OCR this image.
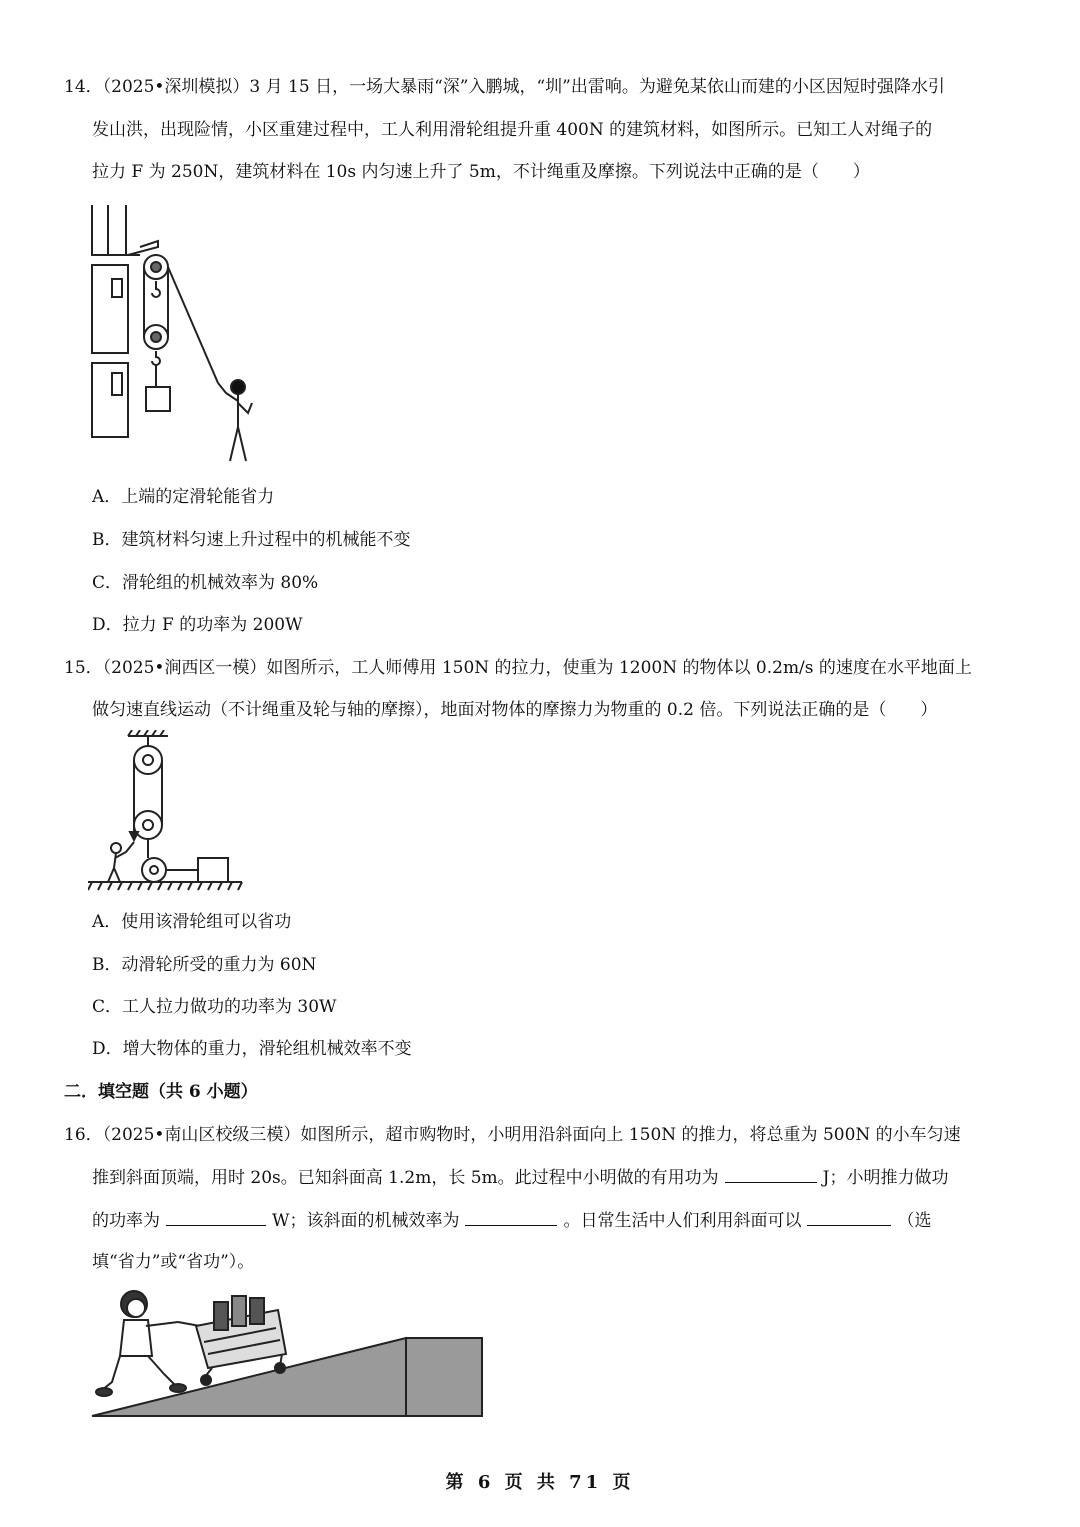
14．（2025•深圳模拟）3 月 15 日，一场大暴雨“深”入鹏城，“圳”出雷响。为避免某依山而建的小区因短时强降水引
发山洪，出现险情，小区重建过程中，工人利用滑轮组提升重 400N 的建筑材料，如图所示。已知工人对绳子的
拉力 F 为 250N，建筑材料在 10s 内匀速上升了 5m，不计绳重及摩擦。下列说法中正确的是（　　）
A．上端的定滑轮能省力
B．建筑材料匀速上升过程中的机械能不变
C．滑轮组的机械效率为 80%
D．拉力 F 的功率为 200W
15．（2025•涧西区一模）如图所示，工人师傅用 150N 的拉力，使重为 1200N 的物体以 0.2m/s 的速度在水平地面上
做匀速直线运动（不计绳重及轮与轴的摩擦），地面对物体的摩擦力为物重的 0.2 倍。下列说法正确的是（　　）
A．使用该滑轮组可以省功
B．动滑轮所受的重力为 60N
C．工人拉力做功的功率为 30W
D．增大物体的重力，滑轮组机械效率不变
二．填空题（共 6 小题）
16．（2025•南山区校级三模）如图所示，超市购物时，小明用沿斜面向上 150N 的推力，将总重为 500N 的小车匀速
推到斜面顶端，用时 20s。已知斜面高 1.2m，长 5m。此过程中小明做的有用功为	J；小明推力做功
的功率为	W；该斜面的机械效率为	。日常生活中人们利用斜面可以	（选
填“省力”或“省功”）。
第 6 页 共 71 页
